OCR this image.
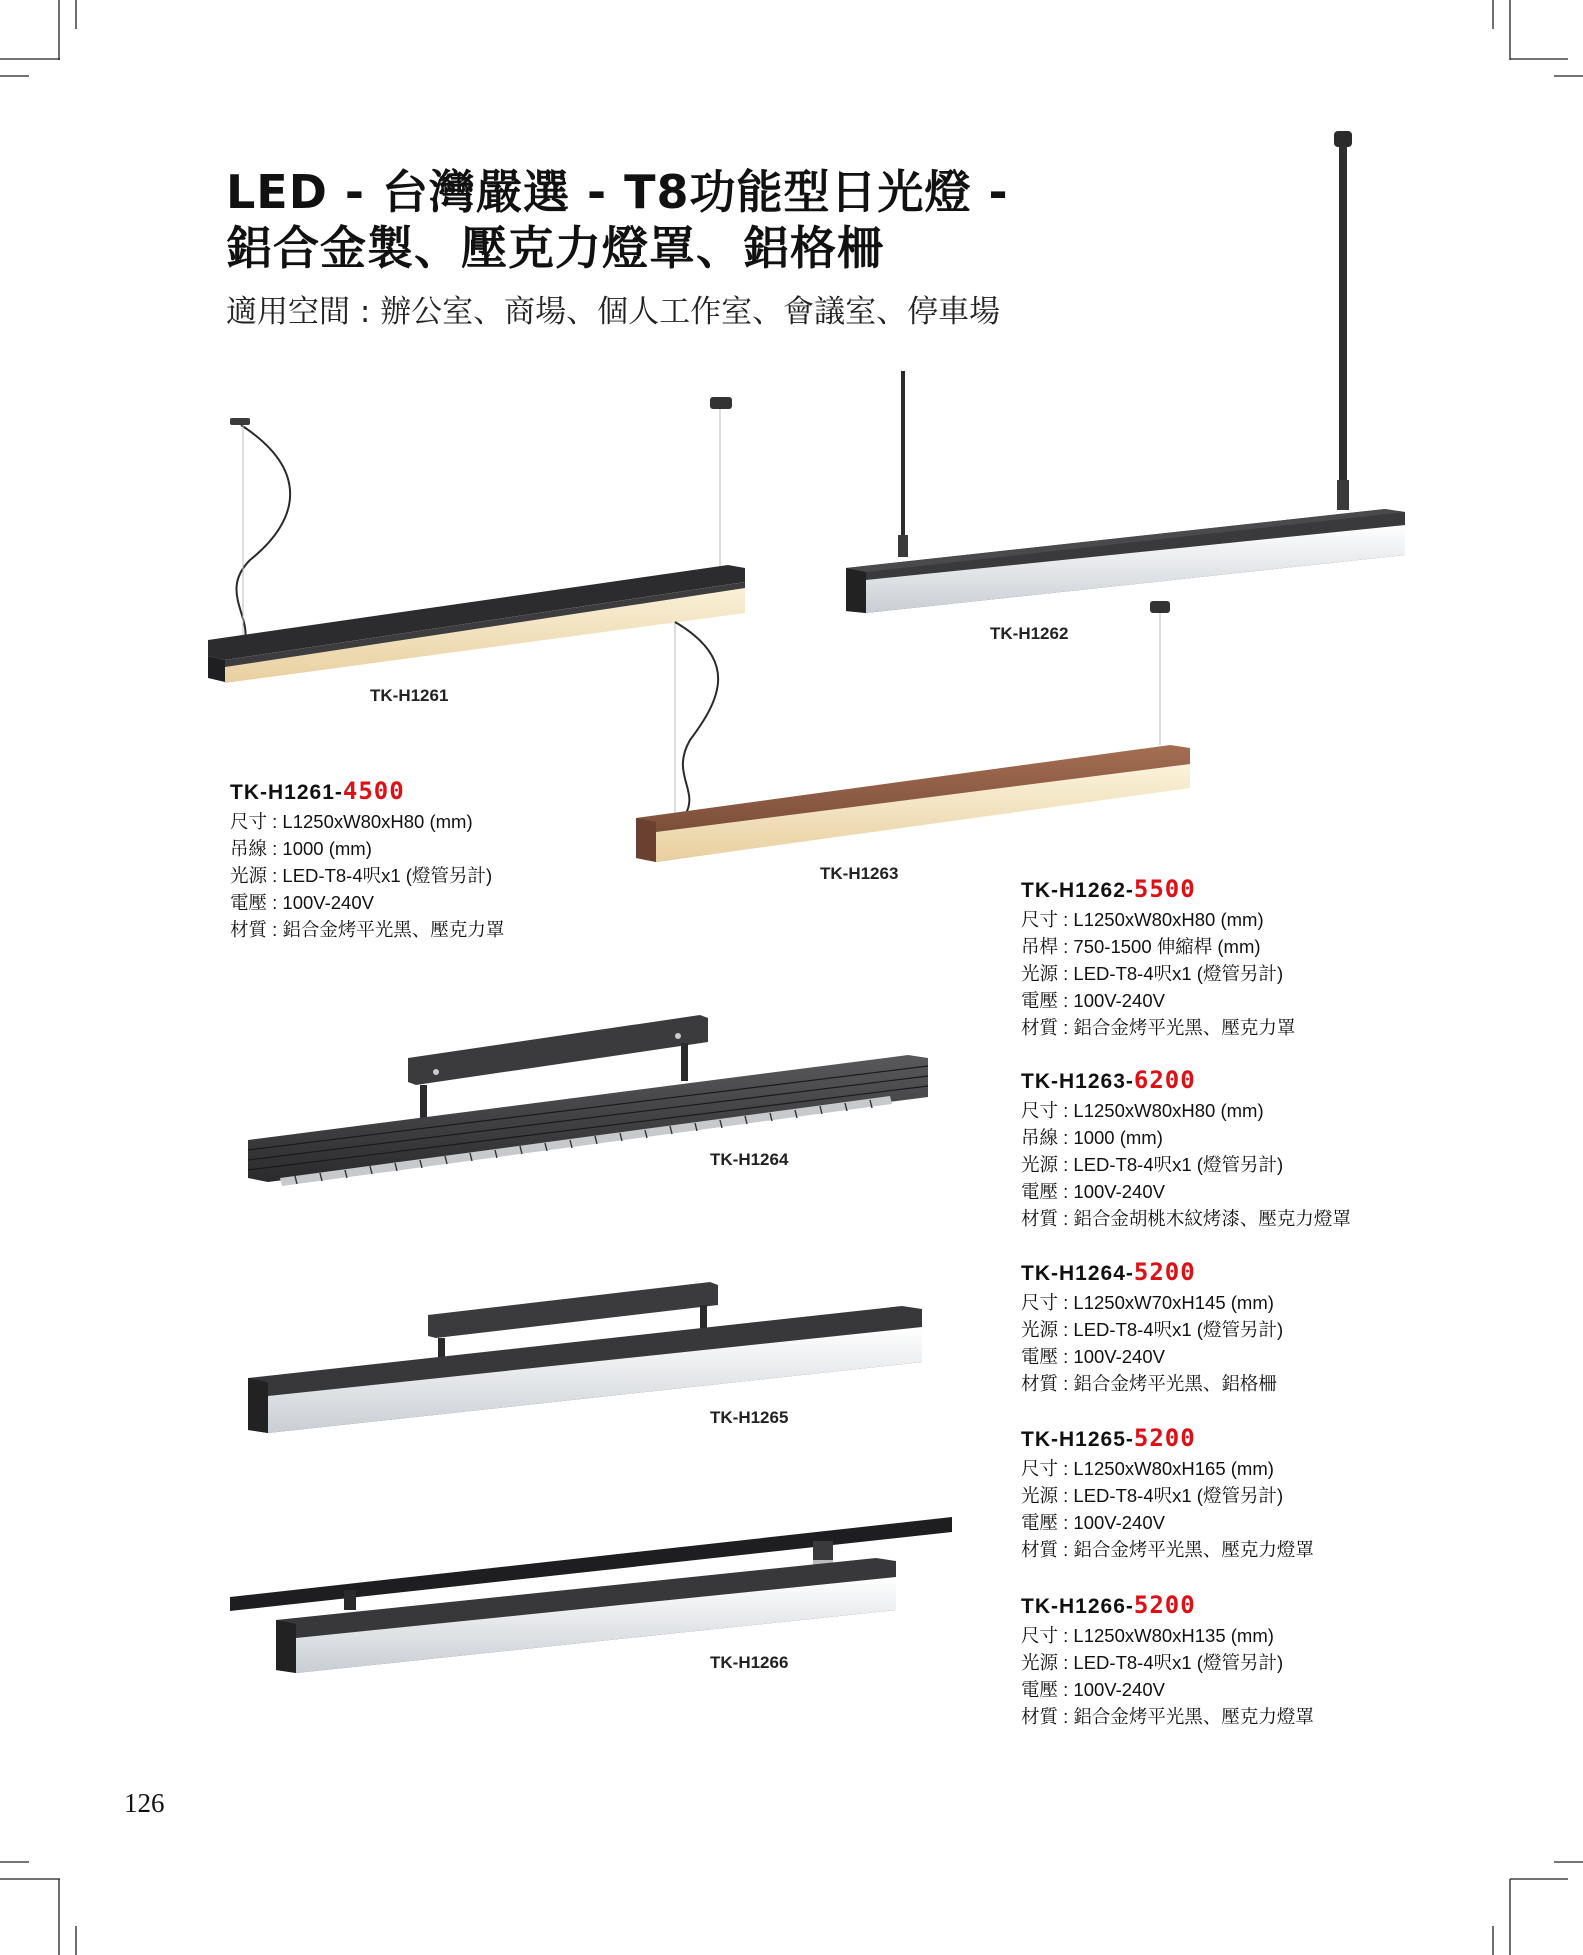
LED - 台灣嚴選 - T8功能型日光燈 -
鋁合金製、壓克力燈罩、鋁格柵
適用空間 : 辦公室、商場、個人工作室、會議室、停車場
TK-H1261
TK-H1262
TK-H1263
TK-H1264
TK-H1265
TK-H1266
TK-H1261-4500
尺寸 : L1250xW80xH80 (mm)
吊線 : 1000 (mm)
光源 : LED-T8-4呎x1 (燈管另計)
電壓 : 100V-240V
材質 : 鋁合金烤平光黑、壓克力罩
TK-H1262-5500
尺寸 : L1250xW80xH80 (mm)
吊桿 : 750-1500 伸縮桿 (mm)
光源 : LED-T8-4呎x1 (燈管另計)
電壓 : 100V-240V
材質 : 鋁合金烤平光黑、壓克力罩
TK-H1263-6200
尺寸 : L1250xW80xH80 (mm)
吊線 : 1000 (mm)
光源 : LED-T8-4呎x1 (燈管另計)
電壓 : 100V-240V
材質 : 鋁合金胡桃木紋烤漆、壓克力燈罩
TK-H1264-5200
尺寸 : L1250xW70xH145 (mm)
光源 : LED-T8-4呎x1 (燈管另計)
電壓 : 100V-240V
材質 : 鋁合金烤平光黑、鋁格柵
TK-H1265-5200
尺寸 : L1250xW80xH165 (mm)
光源 : LED-T8-4呎x1 (燈管另計)
電壓 : 100V-240V
材質 : 鋁合金烤平光黑、壓克力燈罩
TK-H1266-5200
尺寸 : L1250xW80xH135 (mm)
光源 : LED-T8-4呎x1 (燈管另計)
電壓 : 100V-240V
材質 : 鋁合金烤平光黑、壓克力燈罩
126
